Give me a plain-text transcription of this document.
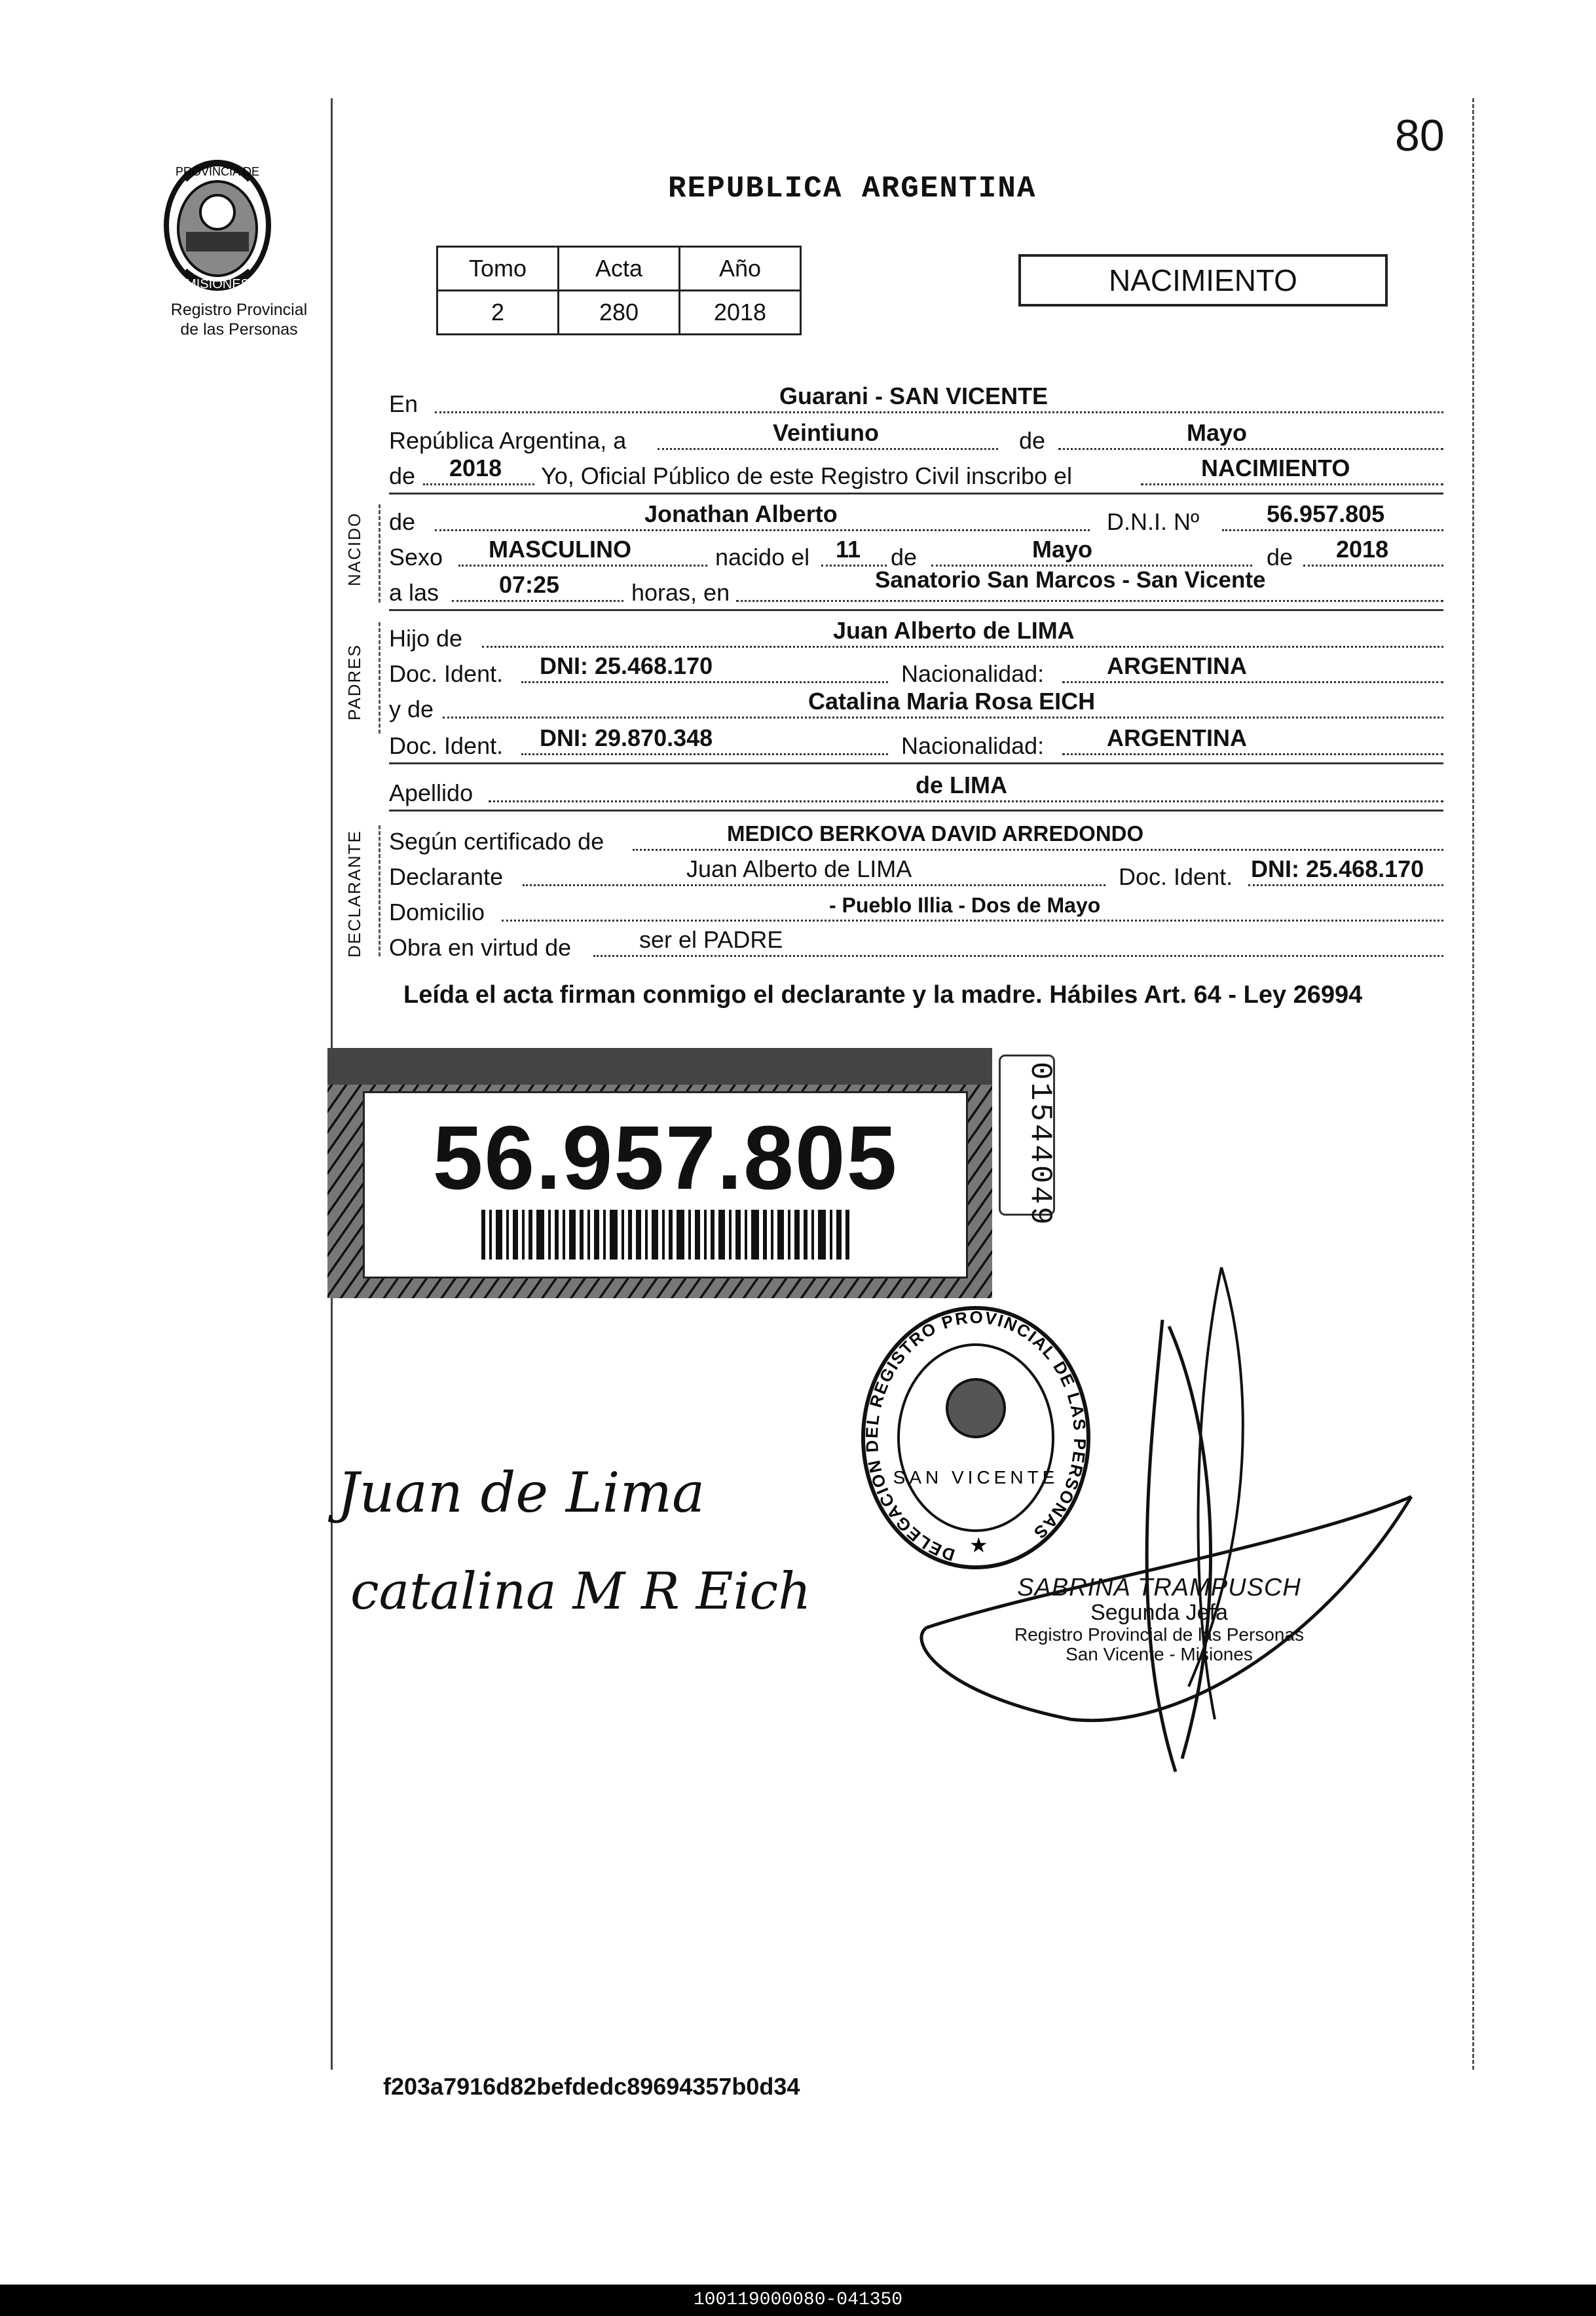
80
PROVINCIA DE
MISIONES
Registro Provincial
de las Personas
REPUBLICA ARGENTINA
Tomo	Acta	Año
2	280	2018
NACIMIENTO
En	Guarani - SAN VICENTE
República Argentina, a	Veintiuno	de	Mayo
de 2018 Yo, Oficial Público de este Registro Civil inscribo el	NACIMIENTO
NACIDO de	Jonathan Alberto	D.N.I. Nº	56.957.805
Sexo MASCULINO	nacido el 11 de	Mayo	de 2018
a las	07:25	horas, en	Sanatorio San Marcos - San Vicente
PADRES
Hijo de	Juan Alberto de LIMA
Doc. Ident. DNI: 25.468.170	Nacionalidad:	ARGENTINA
y de	Catalina Maria Rosa EICH
Doc. Ident. DNI: 29.870.348	Nacionalidad:	ARGENTINA
Apellido	de LIMA
DECLARANTE Según certificado de	MEDICO BERKOVA DAVID ARREDONDO
Declarante	Juan Alberto de LIMA	Doc. Ident. DNI: 25.468.170
Domicilio	- Pueblo Illia - Dos de Mayo
Obra en virtud de	ser el PADRE
Leída el acta firman conmigo el declarante y la madre. Hábiles Art. 64 - Ley 26994
56.957.805	01544049
DELEGACION DEL REGISTRO PROVINCIAL DE LAS PERSONAS
SAN VICENTE
★
SABRINA TRAMPUSCH
Segunda Jefa
Registro Provincial de las Personas
San Vicente - Misiones
Juan de Lima
catalina M R Eich
f203a7916d82befdedc89694357b0d34
100119000080-041350
